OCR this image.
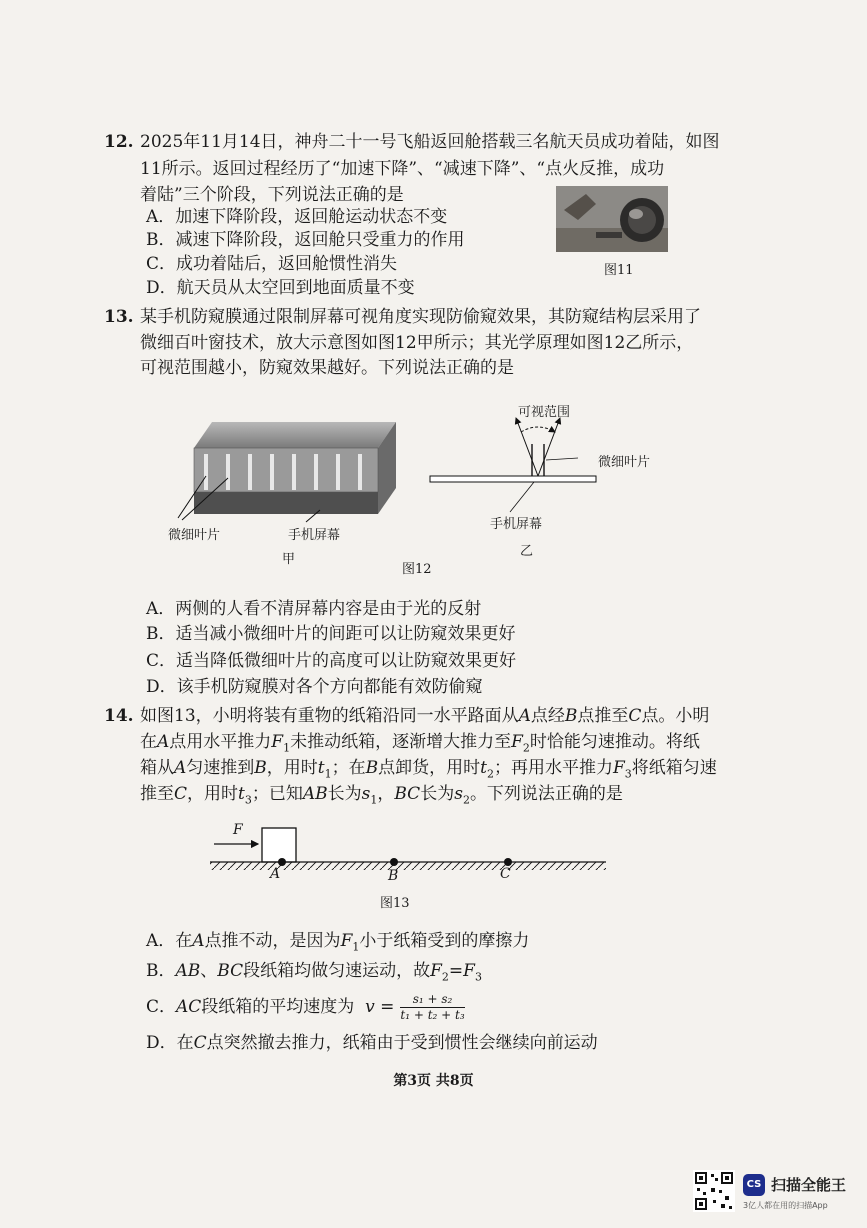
12. 2025年11月14日，神舟二十一号飞船返回舱搭载三名航天员成功着陆，如图
11所示。返回过程经历了“加速下降”、“减速下降”、“点火反推，成功
着陆”三个阶段，下列说法正确的是
A．加速下降阶段，返回舱运动状态不变
B．减速下降阶段，返回舱只受重力的作用
C．成功着陆后，返回舱惯性消失
D．航天员从太空回到地面质量不变
图11
13. 某手机防窥膜通过限制屏幕可视角度实现防偷窥效果，其防窥结构层采用了
微细百叶窗技术，放大示意图如图12甲所示；其光学原理如图12乙所示，
可视范围越小，防窥效果越好。下列说法正确的是
微细叶片	手机屏幕
甲
图12
可视范围
微细叶片
手机屏幕
乙
A．两侧的人看不清屏幕内容是由于光的反射
B．适当减小微细叶片的间距可以让防窥效果更好
C．适当降低微细叶片的高度可以让防窥效果更好
D．该手机防窥膜对各个方向都能有效防偷窥
14. 如图13，小明将装有重物的纸箱沿同一水平路面从A点经B点推至C点。小明
在A点用水平推力$F_1$未推动纸箱，逐渐增大推力至$F_2$时恰能匀速推动。将纸
箱从A匀速推到B，用时$t_1$；在B点卸货，用时$t_2$；再用水平推力$F_3$将纸箱匀速
推至C，用时$t_3$；已知AB长为$s_1$，BC长为$s_2$。下列说法正确的是
F
A	B	C
图13
A．在A点推不动，是因为$F_1$小于纸箱受到的摩擦力
B．AB、BC段纸箱均做匀速运动，故$F_2=F_3$
C．AC段纸箱的平均速度为  $v = \frac{\text{s₁ + s₂}}{\text{t₁ + t₂ + t₃}}$
D．在C点突然撤去推力，纸箱由于受到惯性会继续向前运动
第3页 共8页
CS 扫描全能王
3亿人都在用的扫描App
